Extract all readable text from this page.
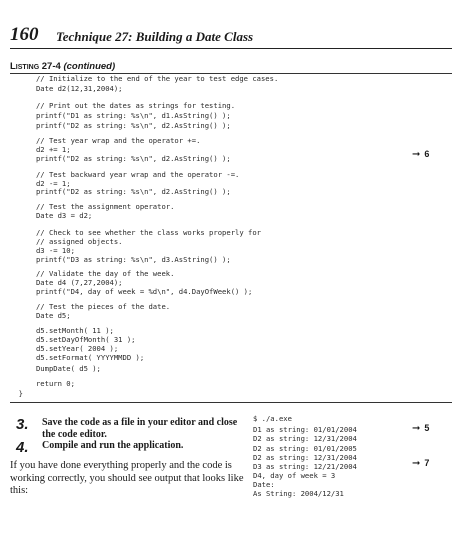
160 Technique 27: Building a Date Class
Listing 27-4 (continued)
// Initialize to the end of the year to test edge cases.
Date d2(12,31,2004);
// Print out the dates as strings for testing.
printf("D1 as string: %s\n", d1.AsString() );
printf("D2 as string: %s\n", d2.AsString() );
// Test year wrap and the operator +=.
d2 += 1;
printf("D2 as string: %s\n", d2.AsString() );
// Test backward year wrap and the operator -=.
d2 -= 1;
printf("D2 as string: %s\n", d2.AsString() );
// Test the assignment operator.
Date d3 = d2;
// Check to see whether the class works properly for
// assigned objects.
d3 -= 10;
printf("D3 as string: %s\n", d3.AsString() );
// Validate the day of the week.
Date d4 (7,27,2004);
printf("D4, day of week = %d\n", d4.DayOfWeek() );
// Test the pieces of the date.
Date d5;
d5.setMonth( 11 );
d5.setDayOfMonth( 31 );
d5.setYear( 2004 );
d5.setFormat( YYYYMMDD );
DumpDate( d5 );
return 0;
}
➞ 6
3. Save the code as a file in your editor and close the code editor.
4. Compile and run the application.
If you have done everything properly and the code is working correctly, you should see output that looks like this:
$ ./a.exe
D1 as string: 01/01/2004
D2 as string: 12/31/2004
D2 as string: 01/01/2005
D2 as string: 12/31/2004
D3 as string: 12/21/2004
D4, day of week = 3
Date:
As String: 2004/12/31
➞ 5
➞ 7
